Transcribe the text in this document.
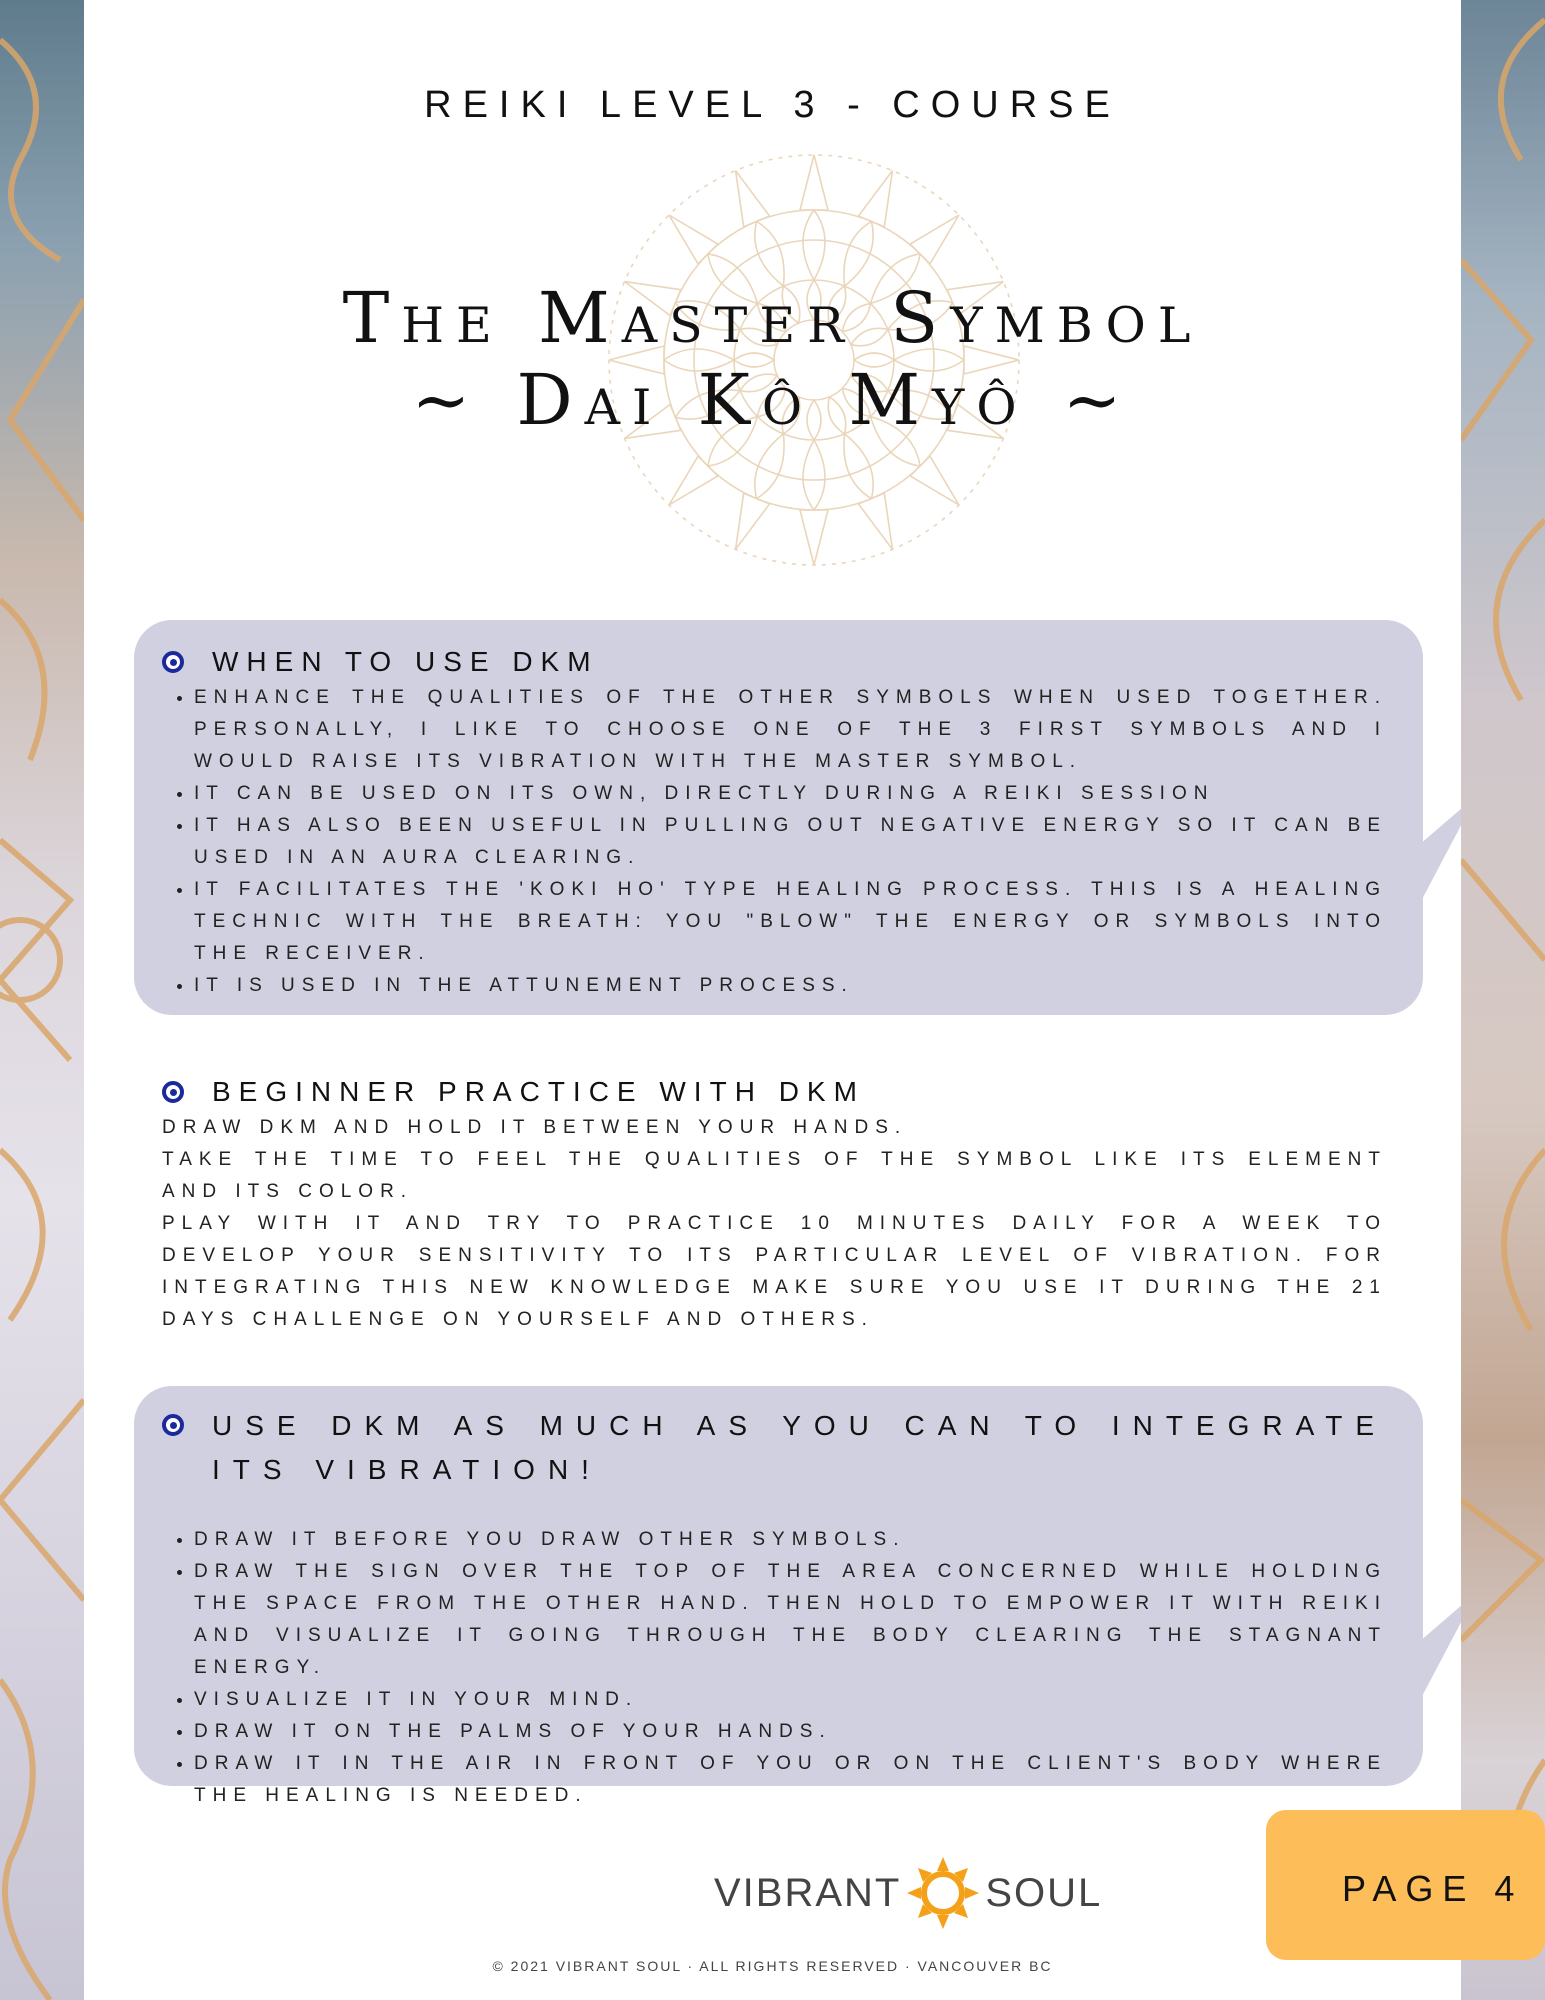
REIKI LEVEL 3 - COURSE
The Master Symbol
~ Dai Kô Myô ~
WHEN TO USE DKM
• ENHANCE THE QUALITIES OF THE OTHER SYMBOLS WHEN USED TOGETHER. PERSONALLY, I LIKE TO CHOOSE ONE OF THE 3 FIRST SYMBOLS AND I WOULD RAISE ITS VIBRATION WITH THE MASTER SYMBOL.
• IT CAN BE USED ON ITS OWN, DIRECTLY DURING A REIKI SESSION
• IT HAS ALSO BEEN USEFUL IN PULLING OUT NEGATIVE ENERGY SO IT CAN BE USED IN AN AURA CLEARING.
• IT FACILITATES THE 'KOKI HO' TYPE HEALING PROCESS. THIS IS A HEALING TECHNIC WITH THE BREATH: YOU "BLOW" THE ENERGY OR SYMBOLS INTO THE RECEIVER.
• IT IS USED IN THE ATTUNEMENT PROCESS.
BEGINNER PRACTICE WITH DKM
DRAW DKM AND HOLD IT BETWEEN YOUR HANDS.
TAKE THE TIME TO FEEL THE QUALITIES OF THE SYMBOL LIKE ITS ELEMENT AND ITS COLOR.
PLAY WITH IT AND TRY TO PRACTICE 10 MINUTES DAILY FOR A WEEK TO DEVELOP YOUR SENSITIVITY TO ITS PARTICULAR LEVEL OF VIBRATION. FOR INTEGRATING THIS NEW KNOWLEDGE MAKE SURE YOU USE IT DURING THE 21 DAYS CHALLENGE ON YOURSELF AND OTHERS.
USE DKM AS MUCH AS YOU CAN TO INTEGRATE ITS VIBRATION!
• DRAW IT BEFORE YOU DRAW OTHER SYMBOLS.
• DRAW THE SIGN OVER THE TOP OF THE AREA CONCERNED WHILE HOLDING THE SPACE FROM THE OTHER HAND. THEN HOLD TO EMPOWER IT WITH REIKI AND VISUALIZE IT GOING THROUGH THE BODY CLEARING THE STAGNANT ENERGY.
• VISUALIZE IT IN YOUR MIND.
• DRAW IT ON THE PALMS OF YOUR HANDS.
• DRAW IT IN THE AIR IN FRONT OF YOU OR ON THE CLIENT'S BODY WHERE THE HEALING IS NEEDED.
VIBRANT SOUL
© 2021 VIBRANT SOUL · ALL RIGHTS RESERVED · VANCOUVER BC
PAGE 4
